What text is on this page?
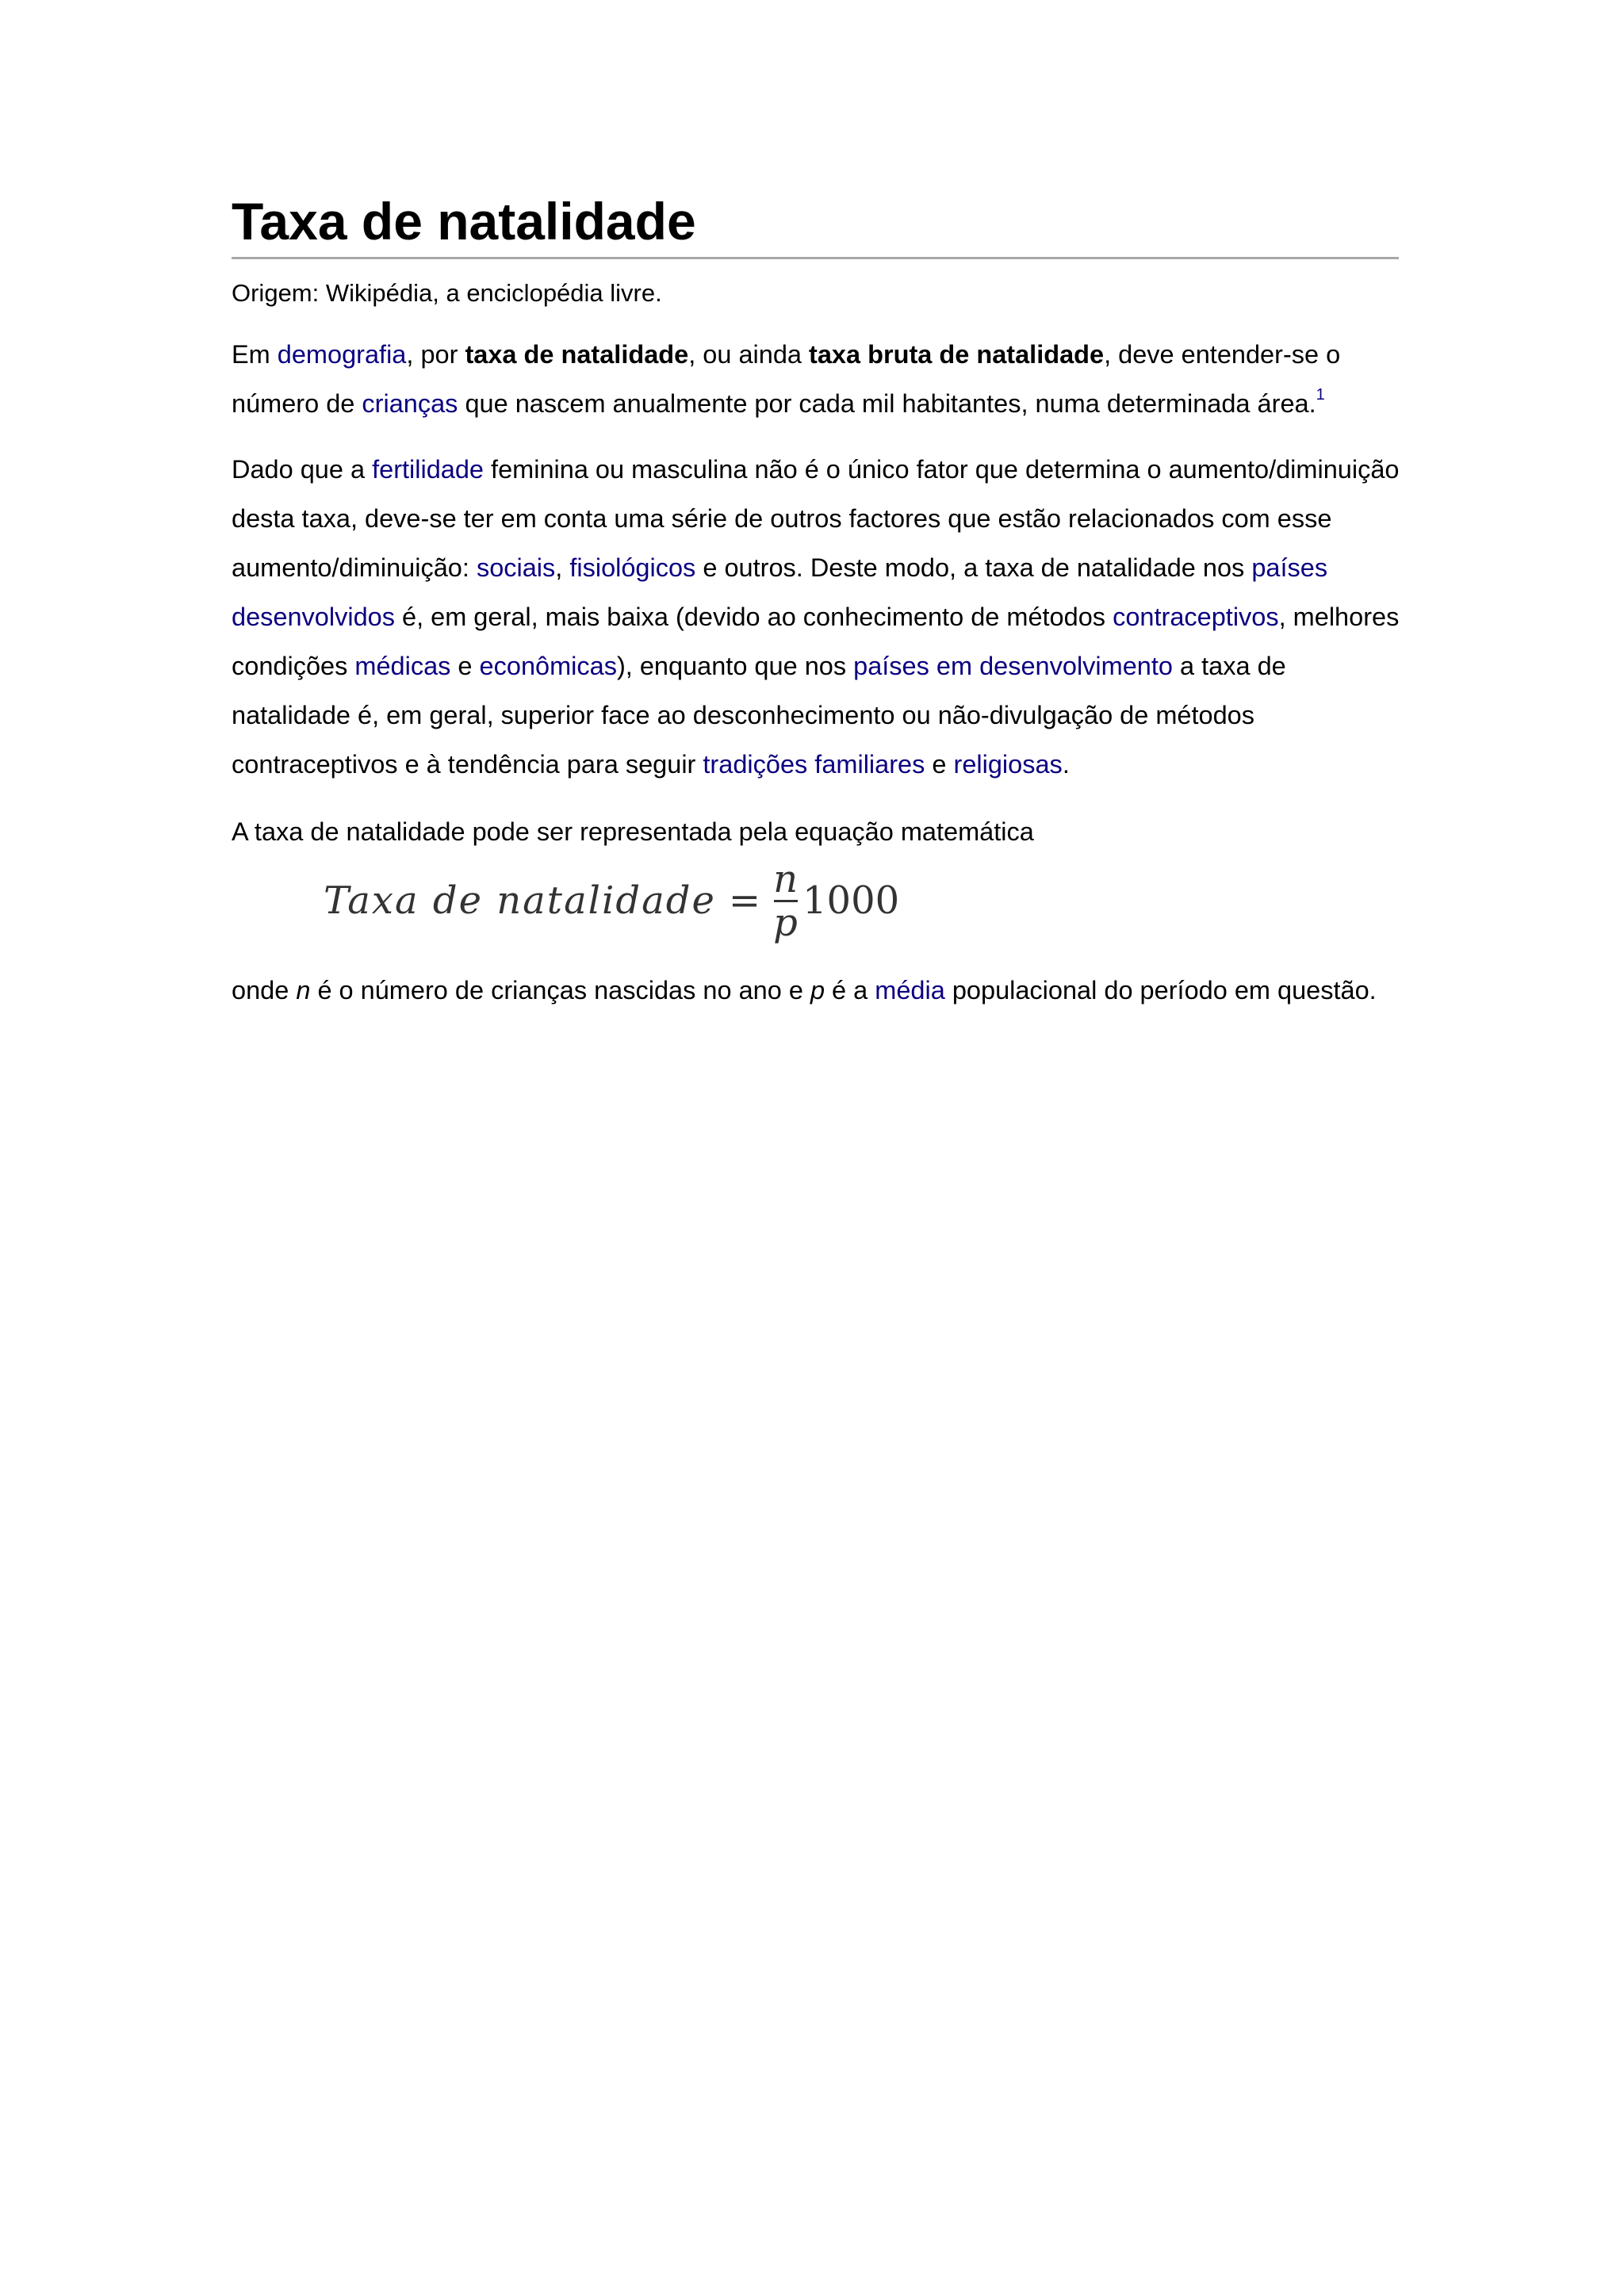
Taxa de natalidade
Origem: Wikipédia, a enciclopédia livre.

Em demografia, por taxa de natalidade, ou ainda taxa bruta de natalidade, deve entender-se o número de crianças que nascem anualmente por cada mil habitantes, numa determinada área.$^1$

Dado que a fertilidade feminina ou masculina não é o único fator que determina o aumento/diminuição desta taxa, deve-se ter em conta uma série de outros factores que estão relacionados com esse aumento/diminuição: sociais, fisiológicos e outros. Deste modo, a taxa de natalidade nos países desenvolvidos é, em geral, mais baixa (devido ao conhecimento de métodos contraceptivos, melhores condições médicas e econômicas), enquanto que nos países em desenvolvimento a taxa de natalidade é, em geral, superior face ao desconhecimento ou não-divulgação de métodos contraceptivos e à tendência para seguir tradições familiares e religiosas.

A taxa de natalidade pode ser representada pela equação matemática

onde n é o número de crianças nascidas no ano e p é a média populacional do período em questão.

Taxa de natalidade = $\frac{n}{p} 1000$
